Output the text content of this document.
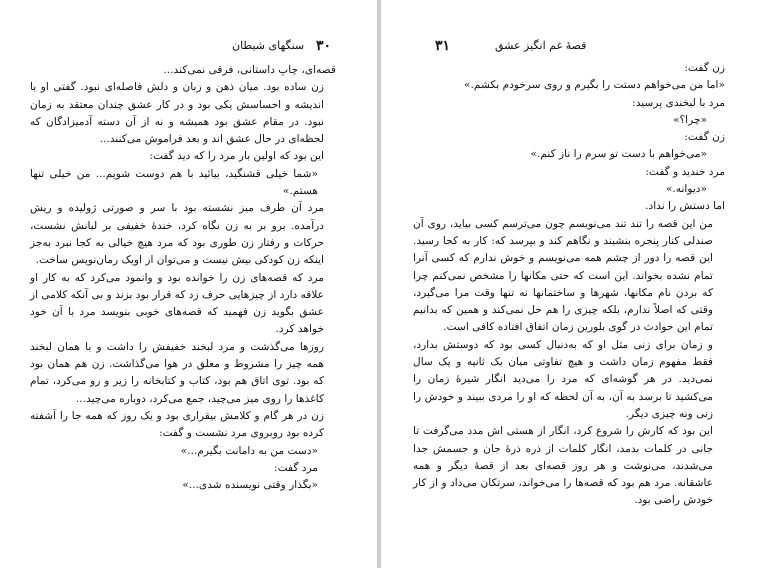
۳۰
سنگهای شیطان

قصه‌ای، چاپ داستانی، فرقی نمی‌کند...

زن ساده بود. میان ذهن و زبان و دلش فاصله‌ای نبود. گفتی او با اندیشه و احساسش یکی بود و در کار عشق چندان معتقد به زمان نبود. در مقام عشق بود همیشه و نه از آن دسته آدمیزادگان که لحظه‌ای در حال عشق اند و بعد فراموش می‌کنند...

این بود که اولین بار مرد را که دید گفت:

«شما خیلی قشنگید، بیائید با هم دوست شویم... من خیلی تنها هستم.»

مرد آن طرف میز نشسته بود با سر و صورتی ژولیده و ریش درآمده. برو بر به زن نگاه کرد، خندهٔ خفیفی بر لبانش نشست، حرکات و رفتار زن طوری بود که مرد هیچ خیالی به کجا نبرد به‌جز اینکه زن کودکی بیش نیست و می‌توان از اویک رمان‌نویس ساخت.

مرد که قصه‌های زن را خوانده بود و وانمود می‌کرد که به کار او علاقه دارد از چیزهایی حرف زد که قرار بود بزند و بی آنکه کلامی از عشق بگوید زن فهمید که قصه‌های خوبی بنویسد مرد با آن خود خواهد کرد.

روزها می‌گذشت و مرد لبخند خفیفش را داشت و با همان لبخند همه چیز را مشروط و معلق در هوا می‌گذاشت. زن هم همان بود که بود. توی اتاق هم بود، کتاب و کتابخانه را زیر و رو می‌کرد، تمام کاغذها را روی میز می‌چید، جمع می‌کرد، دوباره می‌چید...

زن در هر گام و کلامش بیقراری بود و یک روز که همه جا را آشفته کرده بود روبروی مرد نشست و گفت:

«دست من به دامانت بگیرم...»

مرد گفت:

«بگذار وقتی نویسنده شدی...»

۳۱	قصهٔ غم انگیز عشق

زن گفت:

«اما من می‌خواهم دستت را بگیرم و روی سرخودم بکشم.»

مرد با لبخندی پرسید:

«چرا؟»

زن گفت:

«می‌خواهم با دست تو سرم را ناز کنم.»

مرد خندید و گفت:

«دیوانه.»

اما دستش را نداد.

من این قصه را تند تند می‌نویسم چون می‌ترسم کسی بیاید، روی آن صندلی کنار پنجره بنشیند و نگاهم کند و بپرسد که: کار به کجا رسید. این قصه را دور از چشم همه می‌نویسم و خوش ندارم که کسی آنرا تمام نشده بخواند. این است که حتی مکانها را مشخص نمی‌کنم چرا که بردن نام مکانها، شهرها و ساختمانها نه تنها وقت مرا می‌گیرد، وقتی که اصلاً ندارم، بلکه چیزی را هم حل نمی‌کند و همین که بدانیم تمام این حوادث در گوی بلورین زمان اتفاق افتاده کافی است.

و زمان برای زنی مثل او که به‌دنبال کسی بود که دوستش بدارد، فقط مفهوم زمان داشت و هیچ تفاوتی میان یک ثانیه و یک سال نمی‌دید. در هر گوشه‌ای که مرد را می‌دید انگار شیرهٔ زمان را می‌کشید تا برسد به آن، به آن لحظه که او را مردی ببیند و خودش را زنی ونه چیزی دیگر.

این بود که کارش را شروع کرد، انگار از هستی اش مدد می‌گرفت تا جانی در کلمات بدمد، انگار کلمات از ذره ذرهٔ جان و جسمش جدا می‌شدند، می‌نوشت و هر روز قصه‌ای بعد از قصهٔ دیگر و همه عاشقانه. مرد هم بود که قصه‌ها را می‌خواند، سرتکان می‌داد و از کار خودش راضی بود.
